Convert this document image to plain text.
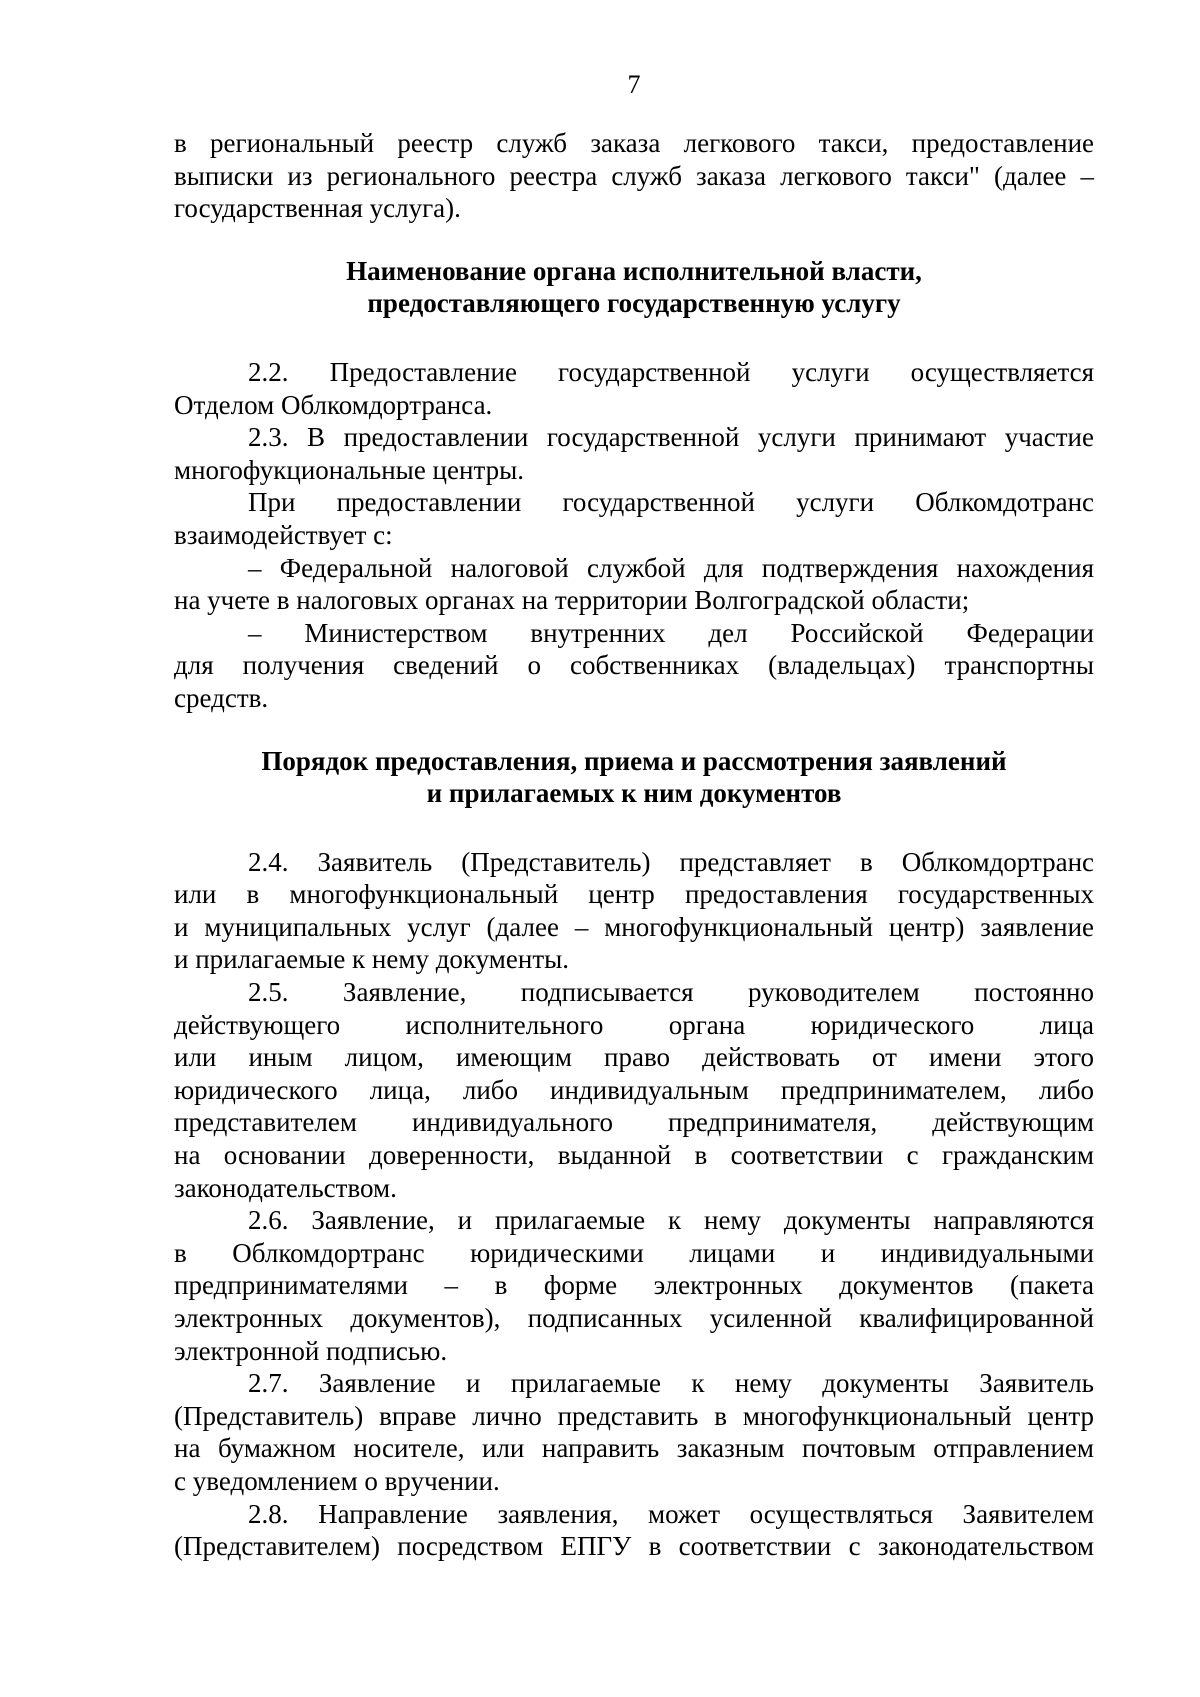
7
в региональный реестр служб заказа легкового такси, предоставление
выписки из регионального реестра служб заказа легкового такси" (далее –
государственная услуга).
Наименование органа исполнительной власти,
предоставляющего государственную услугу
2.2. Предоставление государственной услуги осуществляется
Отделом Облкомдортранса.
2.3. В предоставлении государственной услуги принимают участие
многофукциональные центры.
При предоставлении государственной услуги Облкомдотранс
взаимодействует с:
– Федеральной налоговой службой для подтверждения нахождения
на учете в налоговых органах на территории Волгоградской области;
– Министерством внутренних дел Российской Федерации
для получения сведений о собственниках (владельцах) транспортны
средств.
Порядок предоставления, приема и рассмотрения заявлений
и прилагаемых к ним документов
2.4. Заявитель (Представитель) представляет в Облкомдортранс
или в многофункциональный центр предоставления государственных
и муниципальных услуг (далее – многофункциональный центр) заявление
и прилагаемые к нему документы.
2.5. Заявление, подписывается руководителем постоянно
действующего исполнительного органа юридического лица
или иным лицом, имеющим право действовать от имени этого
юридического лица, либо индивидуальным предпринимателем, либо
представителем индивидуального предпринимателя, действующим
на основании доверенности, выданной в соответствии с гражданским
законодательством.
2.6. Заявление, и прилагаемые к нему документы направляются
в Облкомдортранс юридическими лицами и индивидуальными
предпринимателями – в форме электронных документов (пакета
электронных документов), подписанных усиленной квалифицированной
электронной подписью.
2.7. Заявление и прилагаемые к нему документы Заявитель
(Представитель) вправе лично представить в многофункциональный центр
на бумажном носителе, или направить заказным почтовым отправлением
с уведомлением о вручении.
2.8. Направление заявления, может осуществляться Заявителем
(Представителем) посредством ЕПГУ в соответствии с законодательством
